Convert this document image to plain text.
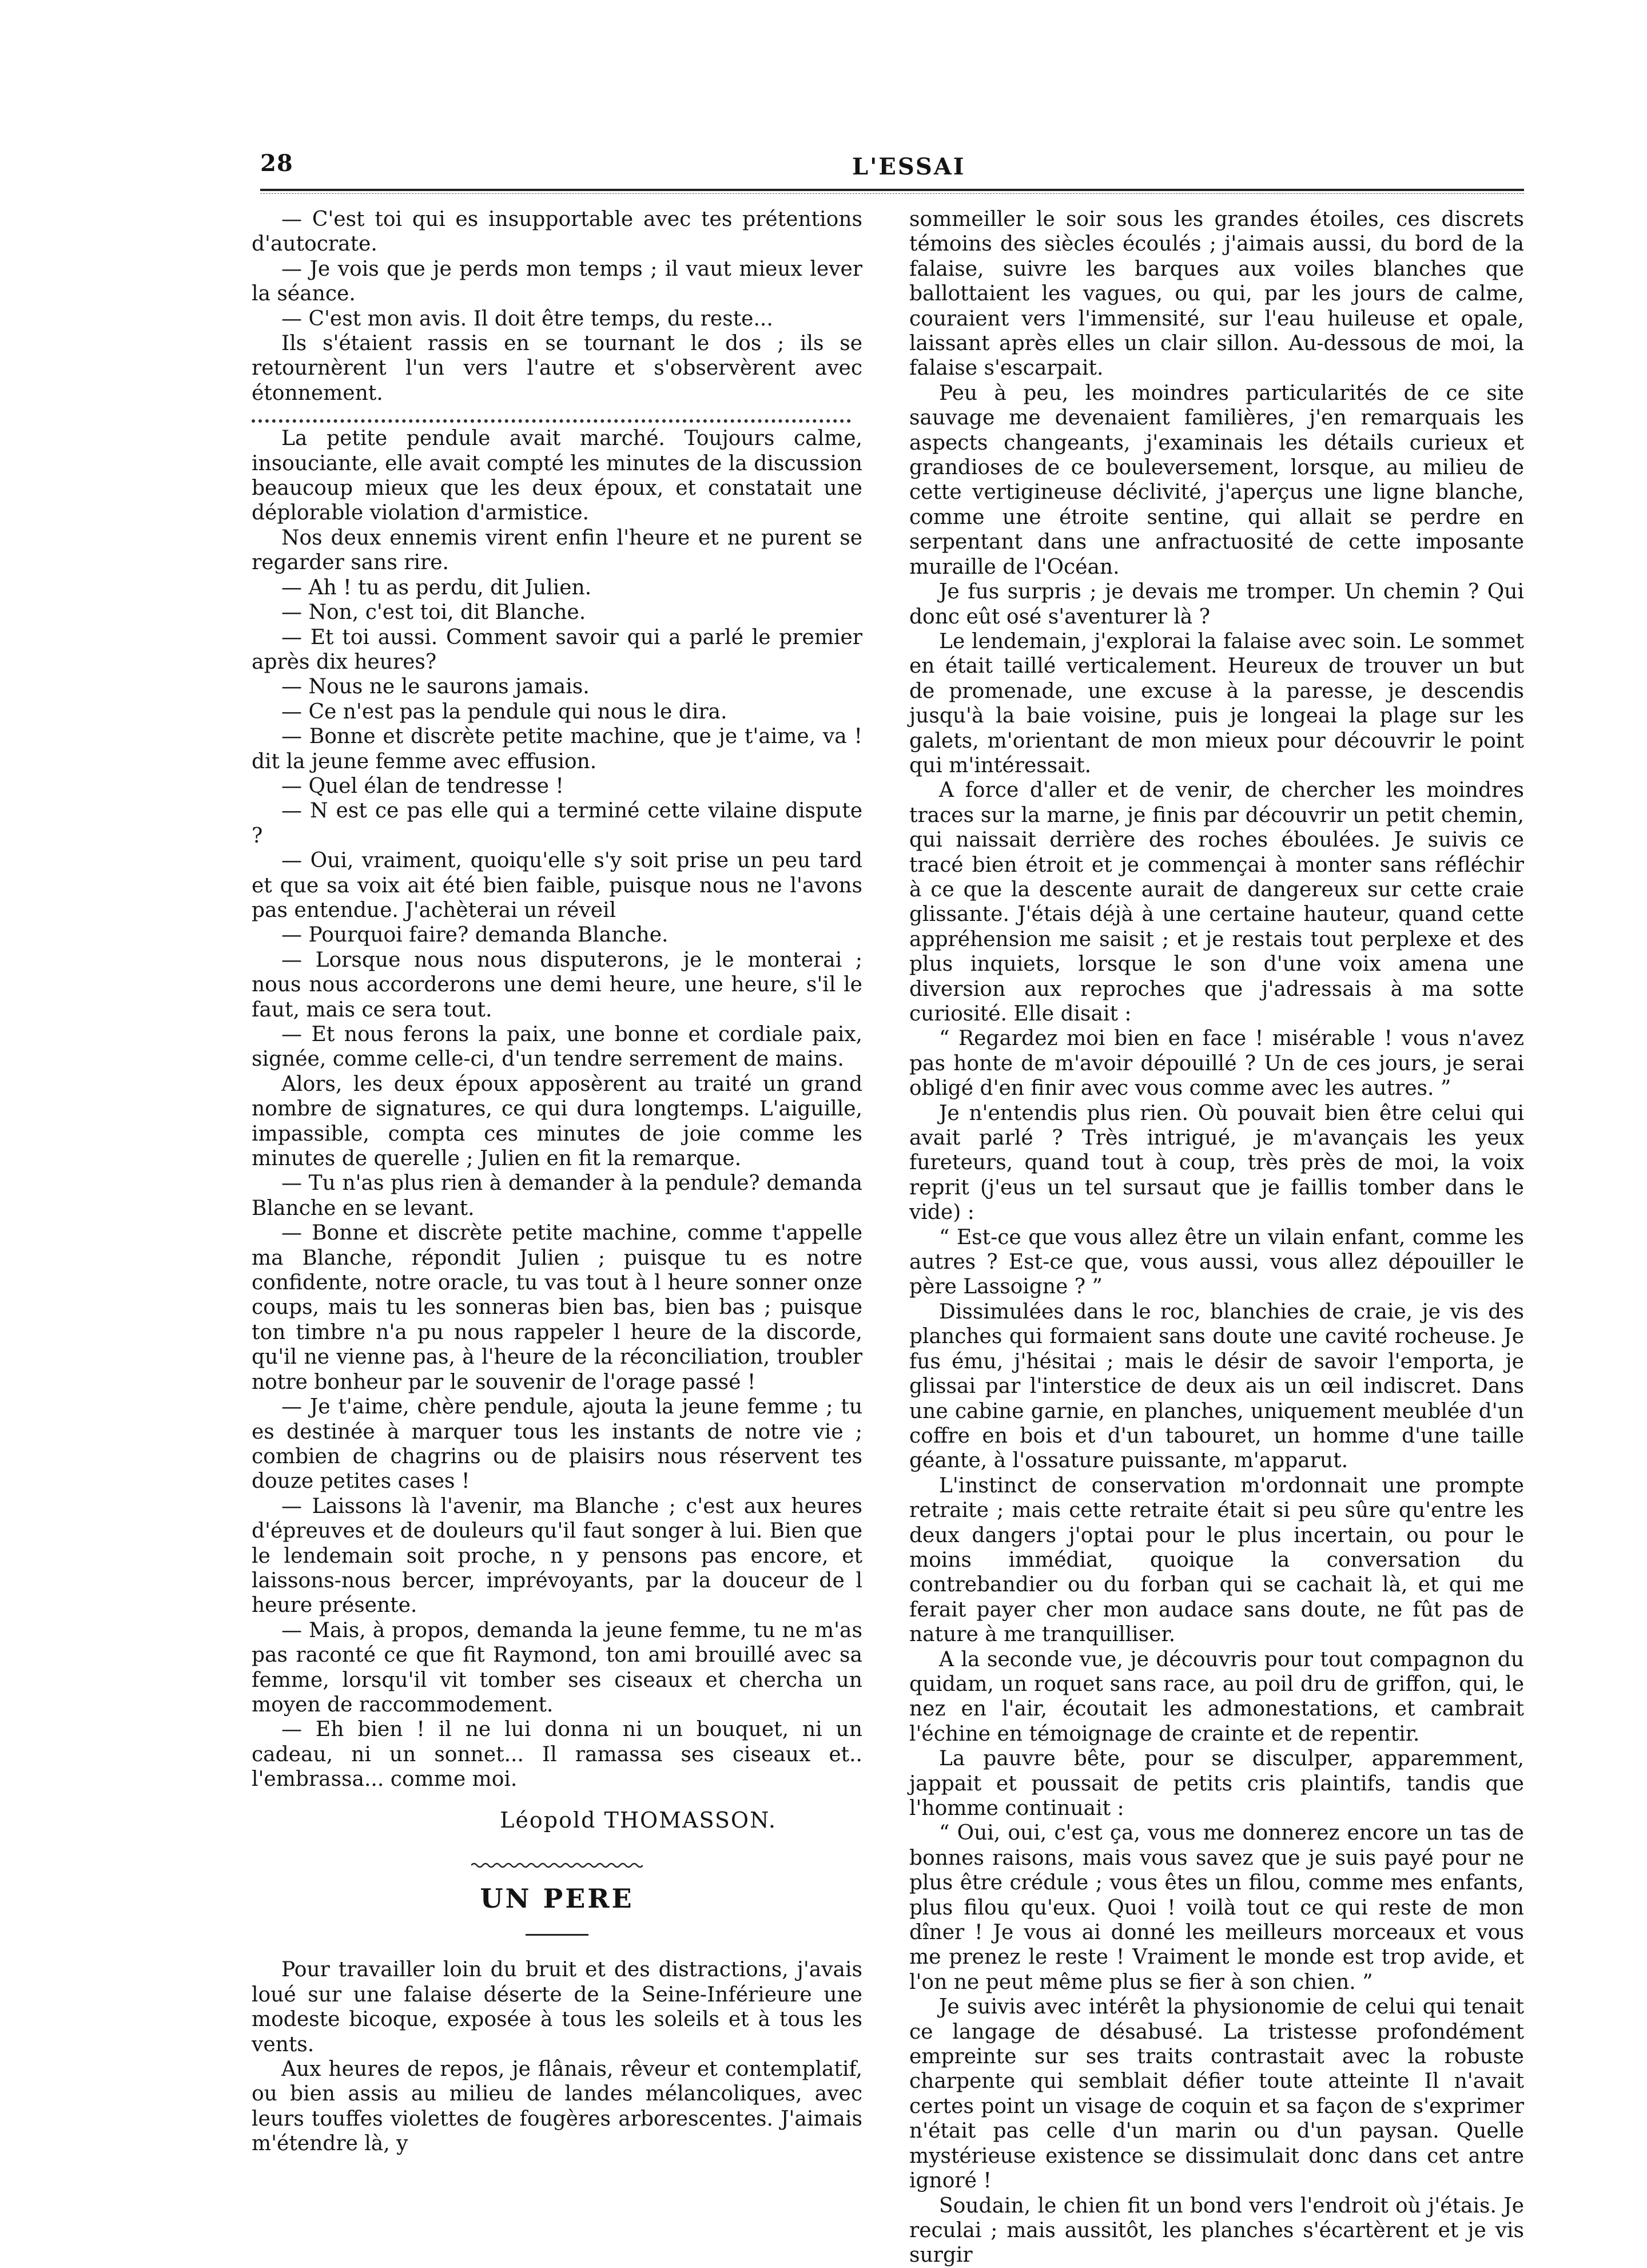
28	L'ESSAI

— C'est toi qui es insupportable avec tes prétentions d'autocrate.

— Je vois que je perds mon temps ; il vaut mieux lever la séance.

— C'est mon avis. Il doit être temps, du reste...

Ils s'étaient rassis en se tournant le dos ; ils se retournèrent l'un vers l'autre et s'observèrent avec étonnement.

La petite pendule avait marché. Toujours calme, insouciante, elle avait compté les minutes de la discussion beaucoup mieux que les deux époux, et constatait une déplorable violation d'armistice.

Nos deux ennemis virent enfin l'heure et ne purent se regarder sans rire.

— Ah ! tu as perdu, dit Julien.

— Non, c'est toi, dit Blanche.

— Et toi aussi. Comment savoir qui a parlé le premier après dix heures?

— Nous ne le saurons jamais.

— Ce n'est pas la pendule qui nous le dira.

— Bonne et discrète petite machine, que je t'aime, va ! dit la jeune femme avec effusion.

— Quel élan de tendresse !

— N est ce pas elle qui a terminé cette vilaine dispute ?

— Oui, vraiment, quoiqu'elle s'y soit prise un peu tard et que sa voix ait été bien faible, puisque nous ne l'avons pas entendue. J'achèterai un réveil

— Pourquoi faire? demanda Blanche.

— Lorsque nous nous disputerons, je le monterai ; nous nous accorderons une demi heure, une heure, s'il le faut, mais ce sera tout.

— Et nous ferons la paix, une bonne et cordiale paix, signée, comme celle-ci, d'un tendre serrement de mains.

Alors, les deux époux apposèrent au traité un grand nombre de signatures, ce qui dura longtemps. L'aiguille, impassible, compta ces minutes de joie comme les minutes de querelle ; Julien en fit la remarque.

— Tu n'as plus rien à demander à la pendule? demanda Blanche en se levant.

— Bonne et discrète petite machine, comme t'appelle ma Blanche, répondit Julien ; puisque tu es notre confidente, notre oracle, tu vas tout à l heure sonner onze coups, mais tu les sonneras bien bas, bien bas ; puisque ton timbre n'a pu nous rappeler l heure de la discorde, qu'il ne vienne pas, à l'heure de la réconciliation, troubler notre bonheur par le souvenir de l'orage passé !

— Je t'aime, chère pendule, ajouta la jeune femme ; tu es destinée à marquer tous les instants de notre vie ; combien de chagrins ou de plaisirs nous réservent tes douze petites cases !

— Laissons là l'avenir, ma Blanche ; c'est aux heures d'épreuves et de douleurs qu'il faut songer à lui. Bien que le lendemain soit proche, n y pensons pas encore, et laissons-nous bercer, imprévoyants, par la douceur de l heure présente.

— Mais, à propos, demanda la jeune femme, tu ne m'as pas raconté ce que fit Raymond, ton ami brouillé avec sa femme, lorsqu'il vit tomber ses ciseaux et chercha un moyen de raccommodement.

— Eh bien ! il ne lui donna ni un bouquet, ni un cadeau, ni un sonnet... Il ramassa ses ciseaux et.. l'embrassa... comme moi.

Léopold THOMASSON.

UN PERE

Pour travailler loin du bruit et des distractions, j'avais loué sur une falaise déserte de la Seine-Inférieure une modeste bicoque, exposée à tous les soleils et à tous les vents.

Aux heures de repos, je flânais, rêveur et contemplatif, ou bien assis au milieu de landes mélancoliques, avec leurs touffes violettes de fougères arborescentes. J'aimais m'étendre là, y

sommeiller le soir sous les grandes étoiles, ces discrets témoins des siècles écoulés ; j'aimais aussi, du bord de la falaise, suivre les barques aux voiles blanches que ballottaient les vagues, ou qui, par les jours de calme, couraient vers l'immensité, sur l'eau huileuse et opale, laissant après elles un clair sillon. Au-dessous de moi, la falaise s'escarpait.

Peu à peu, les moindres particularités de ce site sauvage me devenaient familières, j'en remarquais les aspects changeants, j'examinais les détails curieux et grandioses de ce bouleversement, lorsque, au milieu de cette vertigineuse déclivité, j'aperçus une ligne blanche, comme une étroite sentine, qui allait se perdre en serpentant dans une anfractuosité de cette imposante muraille de l'Océan.

Je fus surpris ; je devais me tromper. Un chemin ? Qui donc eût osé s'aventurer là ?

Le lendemain, j'explorai la falaise avec soin. Le sommet en était taillé verticalement. Heureux de trouver un but de promenade, une excuse à la paresse, je descendis jusqu'à la baie voisine, puis je longeai la plage sur les galets, m'orientant de mon mieux pour découvrir le point qui m'intéressait.

A force d'aller et de venir, de chercher les moindres traces sur la marne, je finis par découvrir un petit chemin, qui naissait derrière des roches éboulées. Je suivis ce tracé bien étroit et je commençai à monter sans réfléchir à ce que la descente aurait de dangereux sur cette craie glissante. J'étais déjà à une certaine hauteur, quand cette appréhension me saisit ; et je restais tout perplexe et des plus inquiets, lorsque le son d'une voix amena une diversion aux reproches que j'adressais à ma sotte curiosité. Elle disait :

“ Regardez moi bien en face ! misérable ! vous n'avez pas honte de m'avoir dépouillé ? Un de ces jours, je serai obligé d'en finir avec vous comme avec les autres. ”

Je n'entendis plus rien. Où pouvait bien être celui qui avait parlé ? Très intrigué, je m'avançais les yeux fureteurs, quand tout à coup, très près de moi, la voix reprit (j'eus un tel sursaut que je faillis tomber dans le vide) :

“ Est-ce que vous allez être un vilain enfant, comme les autres ? Est-ce que, vous aussi, vous allez dépouiller le père Lassoigne ? ”

Dissimulées dans le roc, blanchies de craie, je vis des planches qui formaient sans doute une cavité rocheuse. Je fus ému, j'hésitai ; mais le désir de savoir l'emporta, je glissai par l'interstice de deux ais un œil indiscret. Dans une cabine garnie, en planches, uniquement meublée d'un coffre en bois et d'un tabouret, un homme d'une taille géante, à l'ossature puissante, m'apparut.

L'instinct de conservation m'ordonnait une prompte retraite ; mais cette retraite était si peu sûre qu'entre les deux dangers j'optai pour le plus incertain, ou pour le moins immédiat, quoique la conversation du contrebandier ou du forban qui se cachait là, et qui me ferait payer cher mon audace sans doute, ne fût pas de nature à me tranquilliser.

A la seconde vue, je découvris pour tout compagnon du quidam, un roquet sans race, au poil dru de griffon, qui, le nez en l'air, écoutait les admonestations, et cambrait l'échine en témoignage de crainte et de repentir.

La pauvre bête, pour se disculper, apparemment, jappait et poussait de petits cris plaintifs, tandis que l'homme continuait :

“ Oui, oui, c'est ça, vous me donnerez encore un tas de bonnes raisons, mais vous savez que je suis payé pour ne plus être crédule ; vous êtes un filou, comme mes enfants, plus filou qu'eux. Quoi ! voilà tout ce qui reste de mon dîner ! Je vous ai donné les meilleurs morceaux et vous me prenez le reste ! Vraiment le monde est trop avide, et l'on ne peut même plus se fier à son chien. ”

Je suivis avec intérêt la physionomie de celui qui tenait ce langage de désabusé. La tristesse profondément empreinte sur ses traits contrastait avec la robuste charpente qui semblait défier toute atteinte Il n'avait certes point un visage de coquin et sa façon de s'exprimer n'était pas celle d'un marin ou d'un paysan. Quelle mystérieuse existence se dissimulait donc dans cet antre ignoré !

Soudain, le chien fit un bond vers l'endroit où j'étais. Je reculai ; mais aussitôt, les planches s'écartèrent et je vis surgir
